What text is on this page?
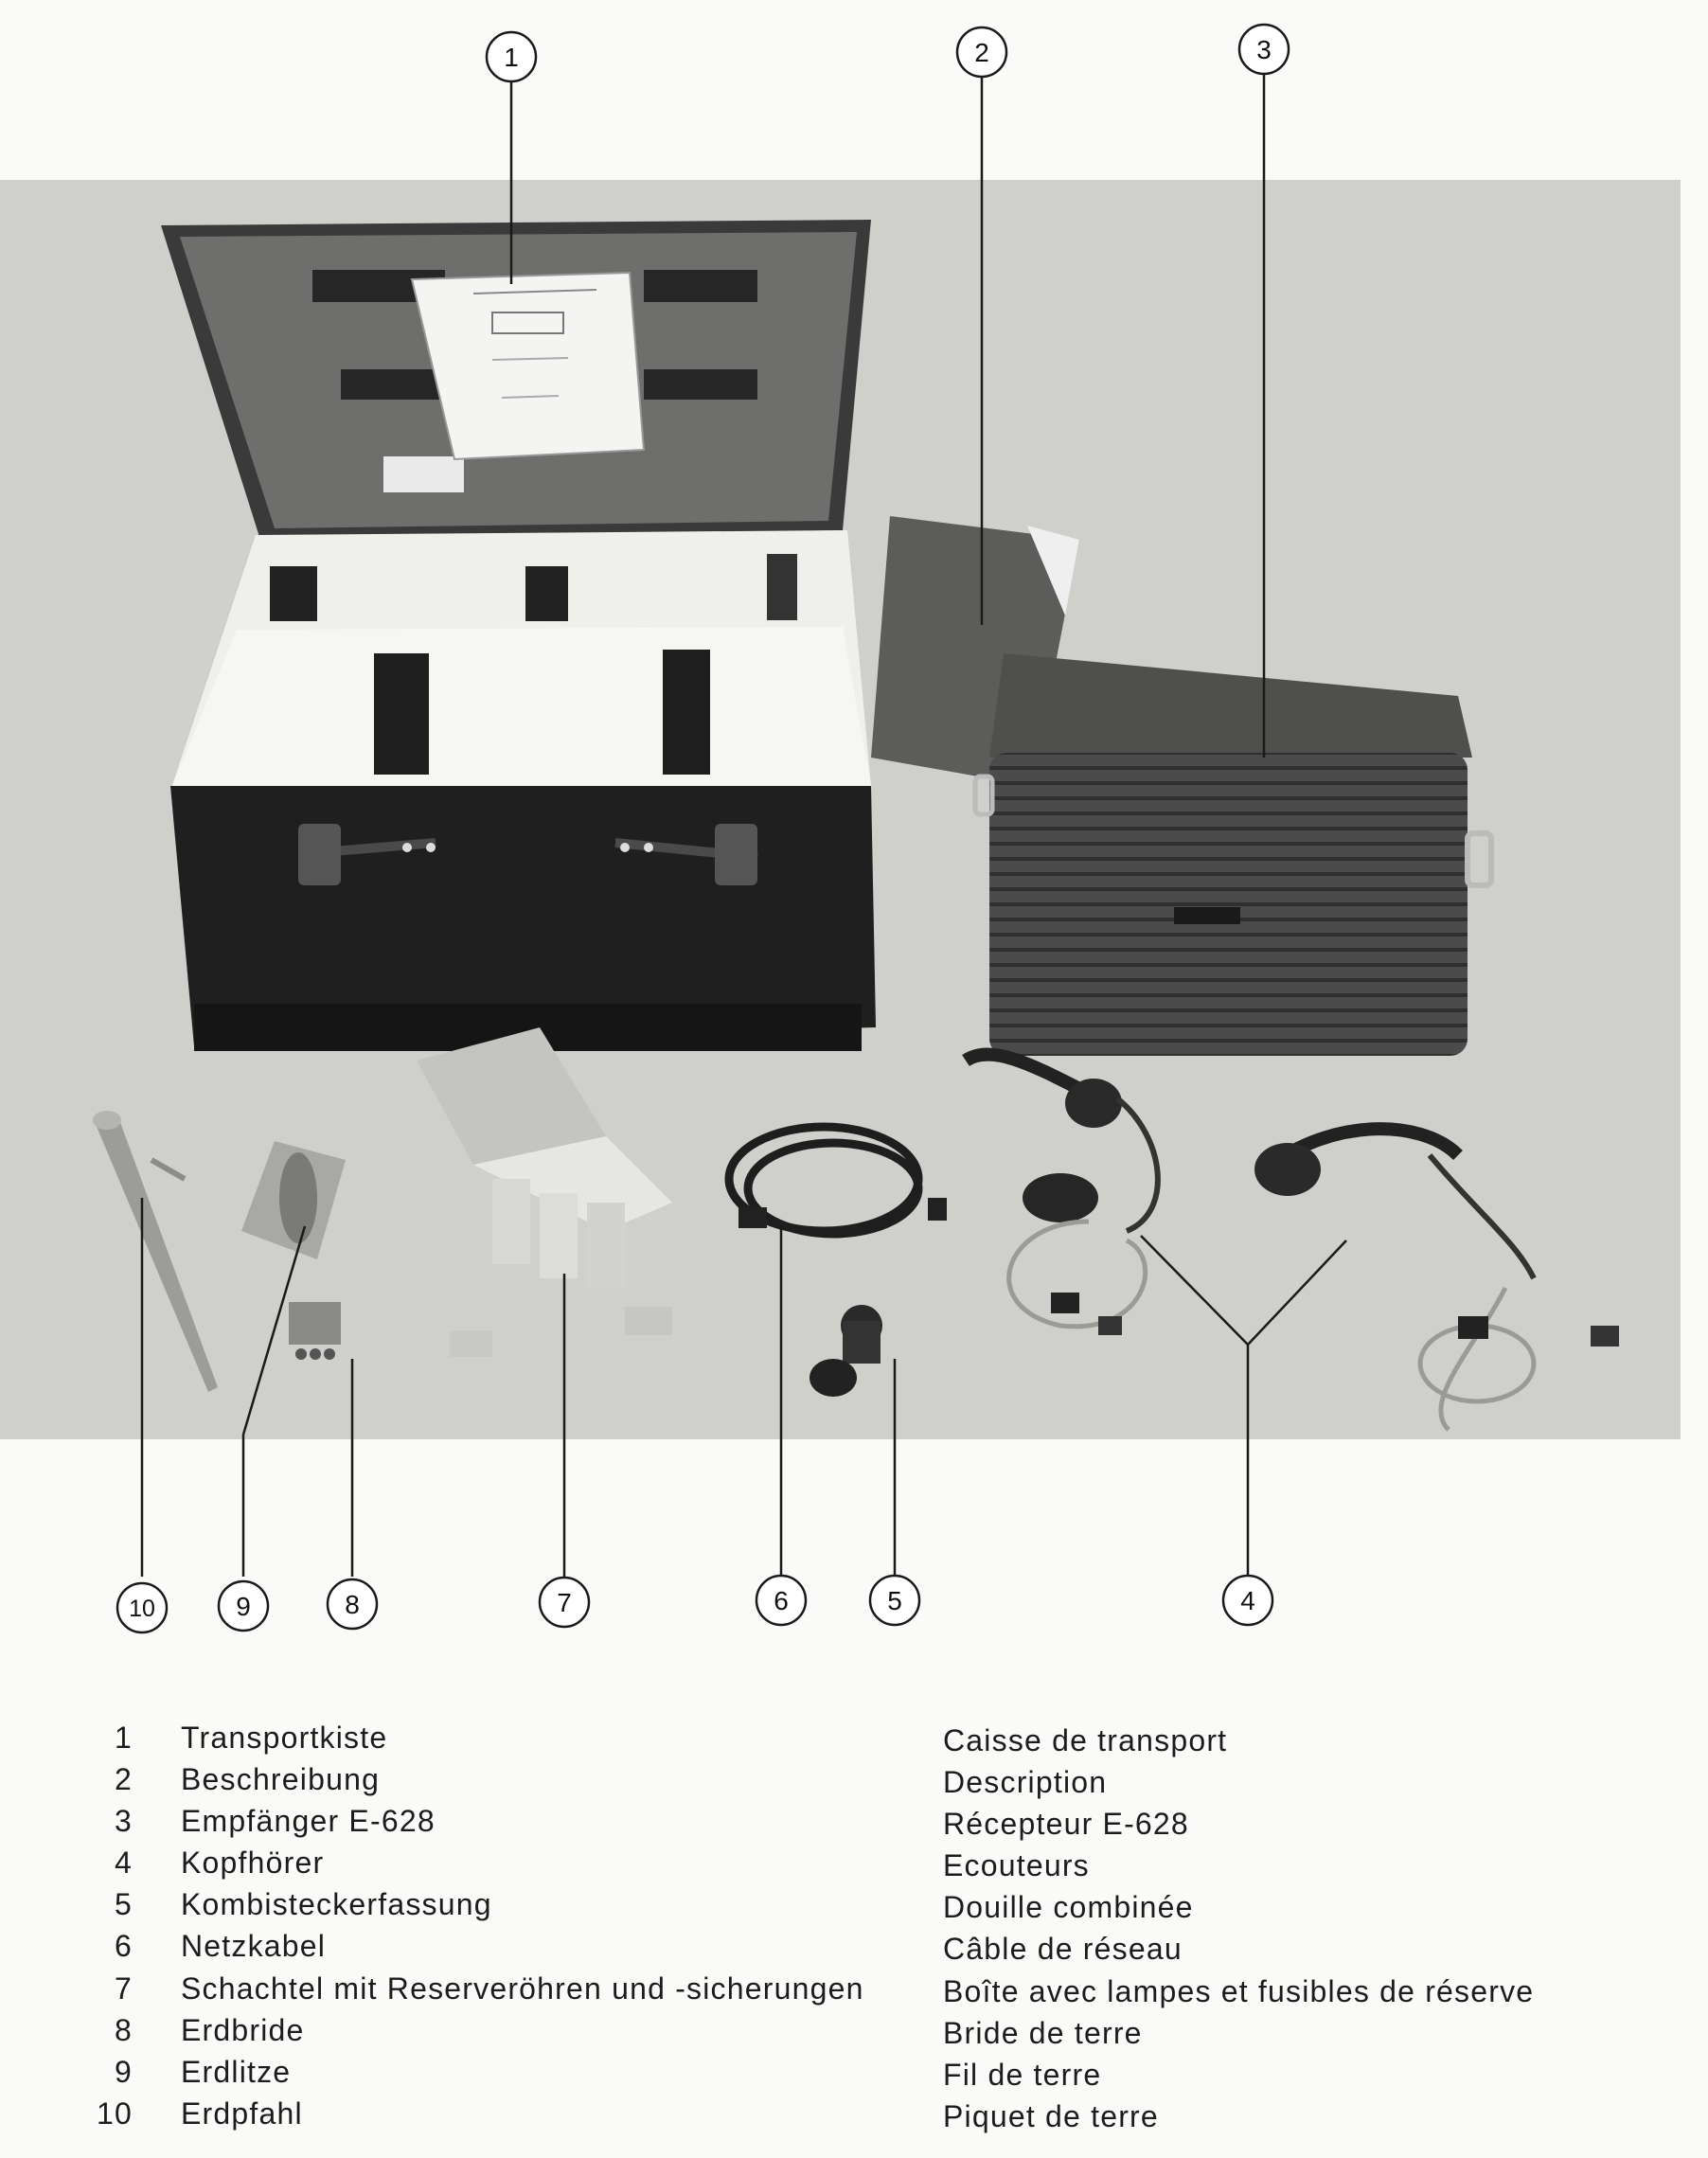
1	2	3
4
5
6
7
8
9
10
1 Transportkiste	Caisse de transport
2 Beschreibung	Description
3 Empfänger E-628	Récepteur E-628
4 Kopfhörer	Ecouteurs
5 Kombisteckerfassung	Douille combinée
6 Netzkabel	Câble de réseau
7 Schachtel mit Reserveröhren und -sicherungen	Boîte avec lampes et fusibles de réserve
8 Erdbride	Bride de terre
9 Erdlitze	Fil de terre
10 Erdpfahl	Piquet de terre
